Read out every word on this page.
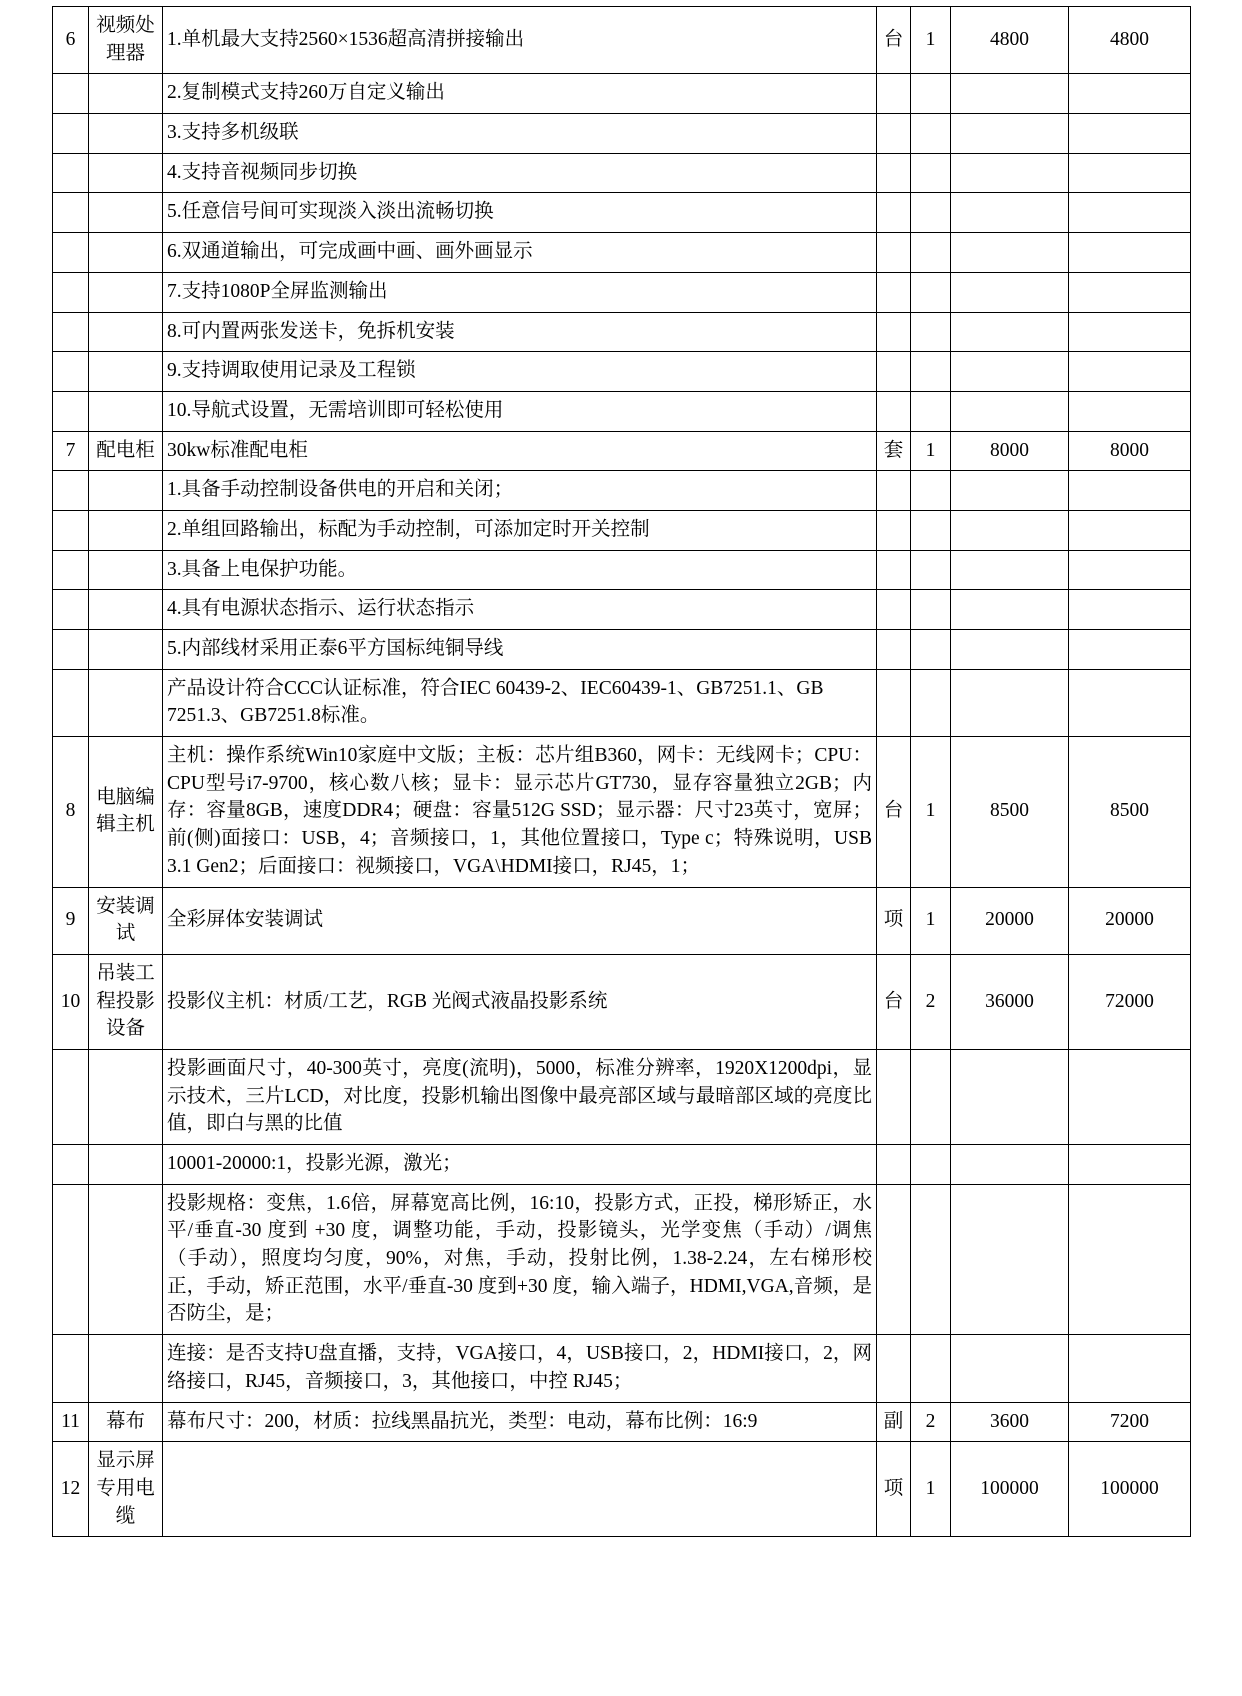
6	视频处理器	1.单机最大支持2560×1536超高清拼接输出	台	1	4800	4800
		2.复制模式支持260万自定义输出				
		3.支持多机级联				
		4.支持音视频同步切换				
		5.任意信号间可实现淡入淡出流畅切换				
		6.双通道输出，可完成画中画、画外画显示				
		7.支持1080P全屏监测输出				
		8.可内置两张发送卡，免拆机安装				
		9.支持调取使用记录及工程锁				
		10.导航式设置，无需培训即可轻松使用				
7	配电柜	30kw标准配电柜	套	1	8000	8000
		1.具备手动控制设备供电的开启和关闭；				
		2.单组回路输出，标配为手动控制，可添加定时开关控制				
		3.具备上电保护功能。				
		4.具有电源状态指示、运行状态指示				
		5.内部线材采用正泰6平方国标纯铜导线				
		产品设计符合CCC认证标准，符合IEC 60439-2、IEC60439-1、GB7251.1、GB 7251.3、GB7251.8标准。				
8	电脑编辑主机	主机：操作系统Win10家庭中文版；主板：芯片组B360，网卡：无线网卡；CPU：CPU型号i7-9700，核心数八核；显卡：显示芯片GT730，显存容量独立2GB；内存：容量8GB，速度DDR4；硬盘：容量512G SSD；显示器：尺寸23英寸，宽屏；前(侧)面接口：USB，4；音频接口，1，其他位置接口，Type c；特殊说明，USB 3.1 Gen2；后面接口：视频接口，VGA\HDMI接口，RJ45，1；	台	1	8500	8500
9	安装调试	全彩屏体安装调试	项	1	20000	20000
10	吊装工程投影设备	投影仪主机：材质/工艺，RGB 光阀式液晶投影系统	台	2	36000	72000
		投影画面尺寸，40-300英寸，亮度(流明)，5000，标准分辨率，1920X1200dpi，显示技术，三片LCD，对比度，投影机输出图像中最亮部区域与最暗部区域的亮度比值，即白与黑的比值				
		10001-20000:1，投影光源，激光；				
		投影规格：变焦，1.6倍，屏幕宽高比例，16:10，投影方式，正投，梯形矫正，水平/垂直-30 度到 +30 度，调整功能，手动，投影镜头，光学变焦（手动）/调焦（手动），照度均匀度，90%，对焦，手动，投射比例，1.38-2.24，左右梯形校正，手动，矫正范围，水平/垂直-30 度到+30 度，输入端子，HDMI,VGA,音频，是否防尘，是；				
		连接：是否支持U盘直播，支持，VGA接口，4，USB接口，2，HDMI接口，2，网络接口，RJ45，音频接口，3，其他接口，中控 RJ45；				
11	幕布	幕布尺寸：200，材质：拉线黑晶抗光，类型：电动，幕布比例：16:9	副	2	3600	7200
12	显示屏专用电缆		项	1	100000	100000
